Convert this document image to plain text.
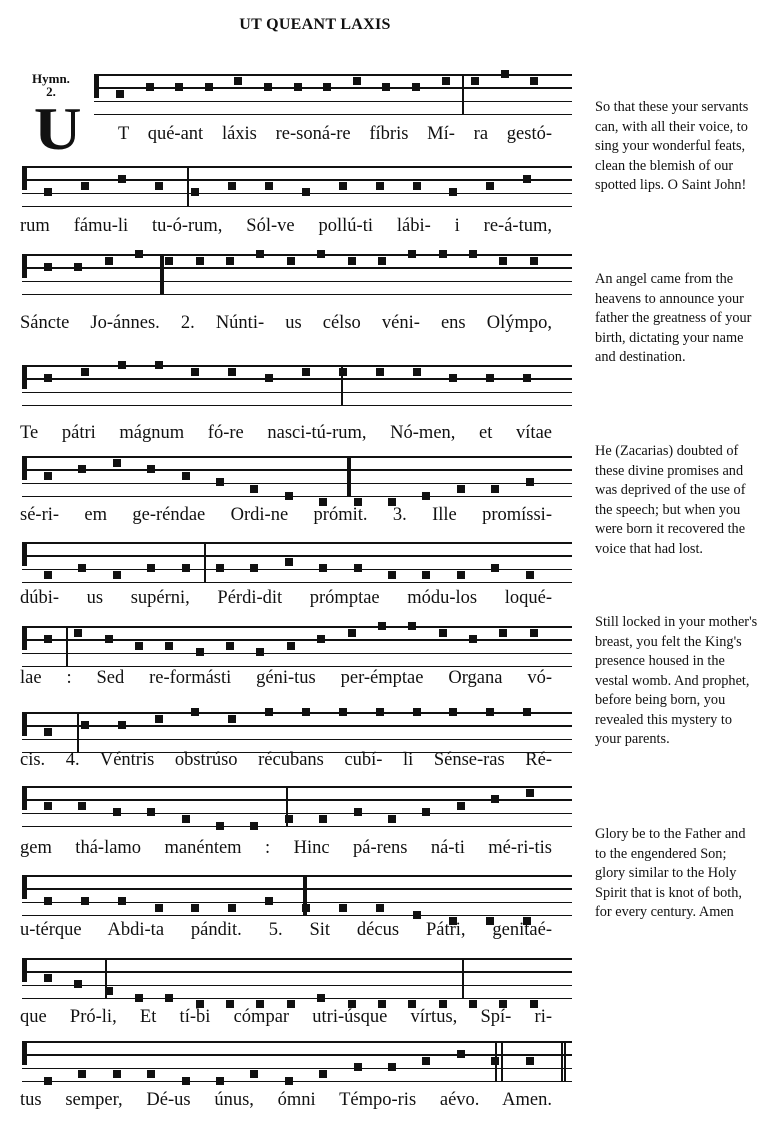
UT QUEANT LAXIS
Hymn.
2.
U T qué-ant láxis re-soná-re fíbris Mí- ra gestó-
rum fámu-li tu-ó-rum, Sól-ve pollú-ti lábi- i re-á-tum,
Sáncte Jo-ánnes. 2. Núnti- us célso véni- ens Olýmpo,
Te pátri mágnum fó-re nasci-tú-rum, Nó-men, et vítae
sé-ri- em ge-réndae Ordi-ne prómit. 3. Ille promíssi-
dúbi- us supérni, Pérdi-dit prómptae módu-los loqué-
lae : Sed re-formásti géni-tus per-émptae Organa vó-
cis. 4. Véntris obstrúso récubans cubí- li Sénse-ras Ré-
gem thá-lamo manéntem : Hinc pá-rens ná-ti mé-ri-tis
u-térque Abdi-ta pándit. 5. Sit décus Pátri, genitaé-
que Pró-li, Et tí-bi cómpar utri-úsque vírtus, Spí- ri-
tus semper, Dé-us únus, ómni Témpo-ris aévo. Amen.
So that these your servants can, with all their voice, to sing your wonderful feats, clean the blemish of our spotted lips. O Saint John!
An angel came from the heavens to announce your father the greatness of your birth, dictating your name and destination.
He (Zacarias) doubted of these divine promises and was deprived of the use of the speech; but when you were born it recovered the voice that had lost.
Still locked in your mother's breast, you felt the King's presence housed in the vestal womb. And prophet, before being born, you revealed this mystery to your parents.
Glory be to the Father and to the engendered Son; glory similar to the Holy Spirit that is knot of both, for every century. Amen
